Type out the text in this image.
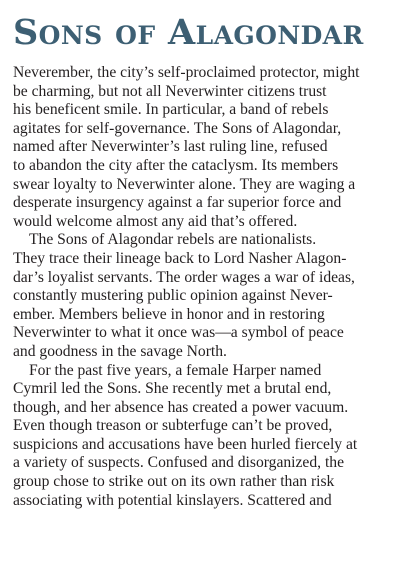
Sons of Alagondar

Neverember, the city’s self-proclaimed protector, might
be charming, but not all Neverwinter citizens trust
his beneficent smile. In particular, a band of rebels
agitates for self-governance. The Sons of Alagondar,
named after Neverwinter’s last ruling line, refused
to abandon the city after the cataclysm. Its members
swear loyalty to Neverwinter alone. They are waging a
desperate insurgency against a far superior force and
would welcome almost any aid that’s offered.

The Sons of Alagondar rebels are nationalists.
They trace their lineage back to Lord Nasher Alagon-
dar’s loyalist servants. The order wages a war of ideas,
constantly mustering public opinion against Never-
ember. Members believe in honor and in restoring
Neverwinter to what it once was—a symbol of peace
and goodness in the savage North.

For the past five years, a female Harper named
Cymril led the Sons. She recently met a brutal end,
though, and her absence has created a power vacuum.
Even though treason or subterfuge can’t be proved,
suspicions and accusations have been hurled fiercely at
a variety of suspects. Confused and disorganized, the
group chose to strike out on its own rather than risk
associating with potential kinslayers. Scattered and
